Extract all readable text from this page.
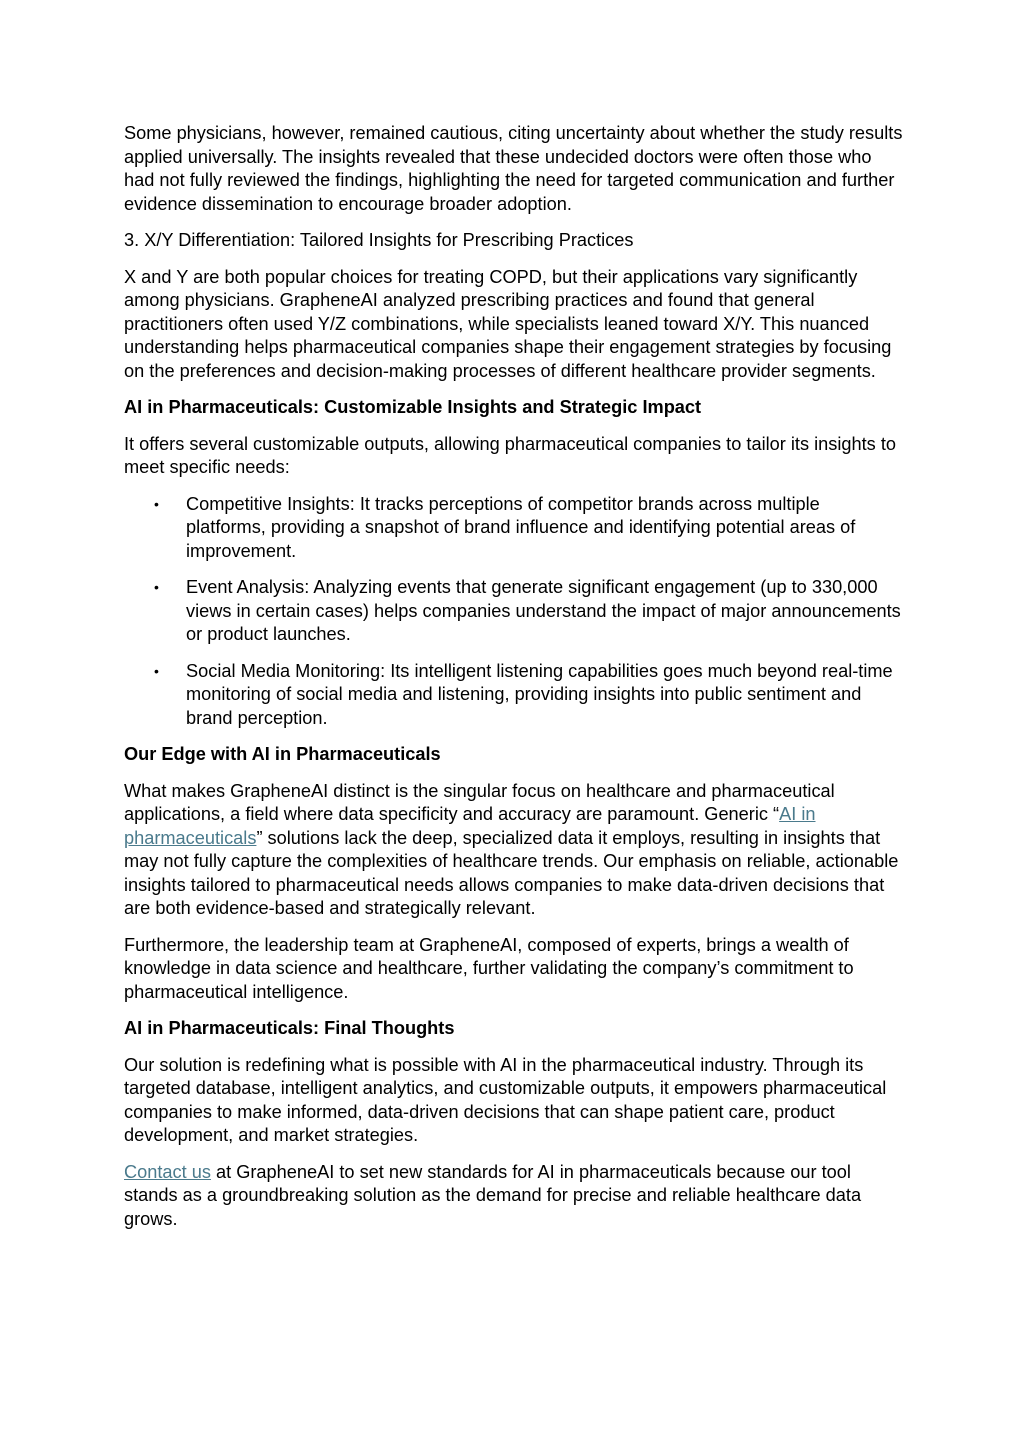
Some physicians, however, remained cautious, citing uncertainty about whether the study results applied universally. The insights revealed that these undecided doctors were often those who had not fully reviewed the findings, highlighting the need for targeted communication and further evidence dissemination to encourage broader adoption.

3. X/Y Differentiation: Tailored Insights for Prescribing Practices

X and Y are both popular choices for treating COPD, but their applications vary significantly among physicians. GrapheneAI analyzed prescribing practices and found that general practitioners often used Y/Z combinations, while specialists leaned toward X/Y. This nuanced understanding helps pharmaceutical companies shape their engagement strategies by focusing on the preferences and decision-making processes of different healthcare provider segments.

AI in Pharmaceuticals: Customizable Insights and Strategic Impact

It offers several customizable outputs, allowing pharmaceutical companies to tailor its insights to meet specific needs:

• Competitive Insights: It tracks perceptions of competitor brands across multiple platforms, providing a snapshot of brand influence and identifying potential areas of improvement.
• Event Analysis: Analyzing events that generate significant engagement (up to 330,000 views in certain cases) helps companies understand the impact of major announcements or product launches.
• Social Media Monitoring: Its intelligent listening capabilities goes much beyond real-time monitoring of social media and listening, providing insights into public sentiment and brand perception.

Our Edge with AI in Pharmaceuticals

What makes GrapheneAI distinct is the singular focus on healthcare and pharmaceutical applications, a field where data specificity and accuracy are paramount. Generic “AI in pharmaceuticals” solutions lack the deep, specialized data it employs, resulting in insights that may not fully capture the complexities of healthcare trends. Our emphasis on reliable, actionable insights tailored to pharmaceutical needs allows companies to make data-driven decisions that are both evidence-based and strategically relevant.

Furthermore, the leadership team at GrapheneAI, composed of experts, brings a wealth of knowledge in data science and healthcare, further validating the company’s commitment to pharmaceutical intelligence.

AI in Pharmaceuticals: Final Thoughts

Our solution is redefining what is possible with AI in the pharmaceutical industry. Through its targeted database, intelligent analytics, and customizable outputs, it empowers pharmaceutical companies to make informed, data-driven decisions that can shape patient care, product development, and market strategies.

Contact us at GrapheneAI to set new standards for AI in pharmaceuticals because our tool stands as a groundbreaking solution as the demand for precise and reliable healthcare data grows.
